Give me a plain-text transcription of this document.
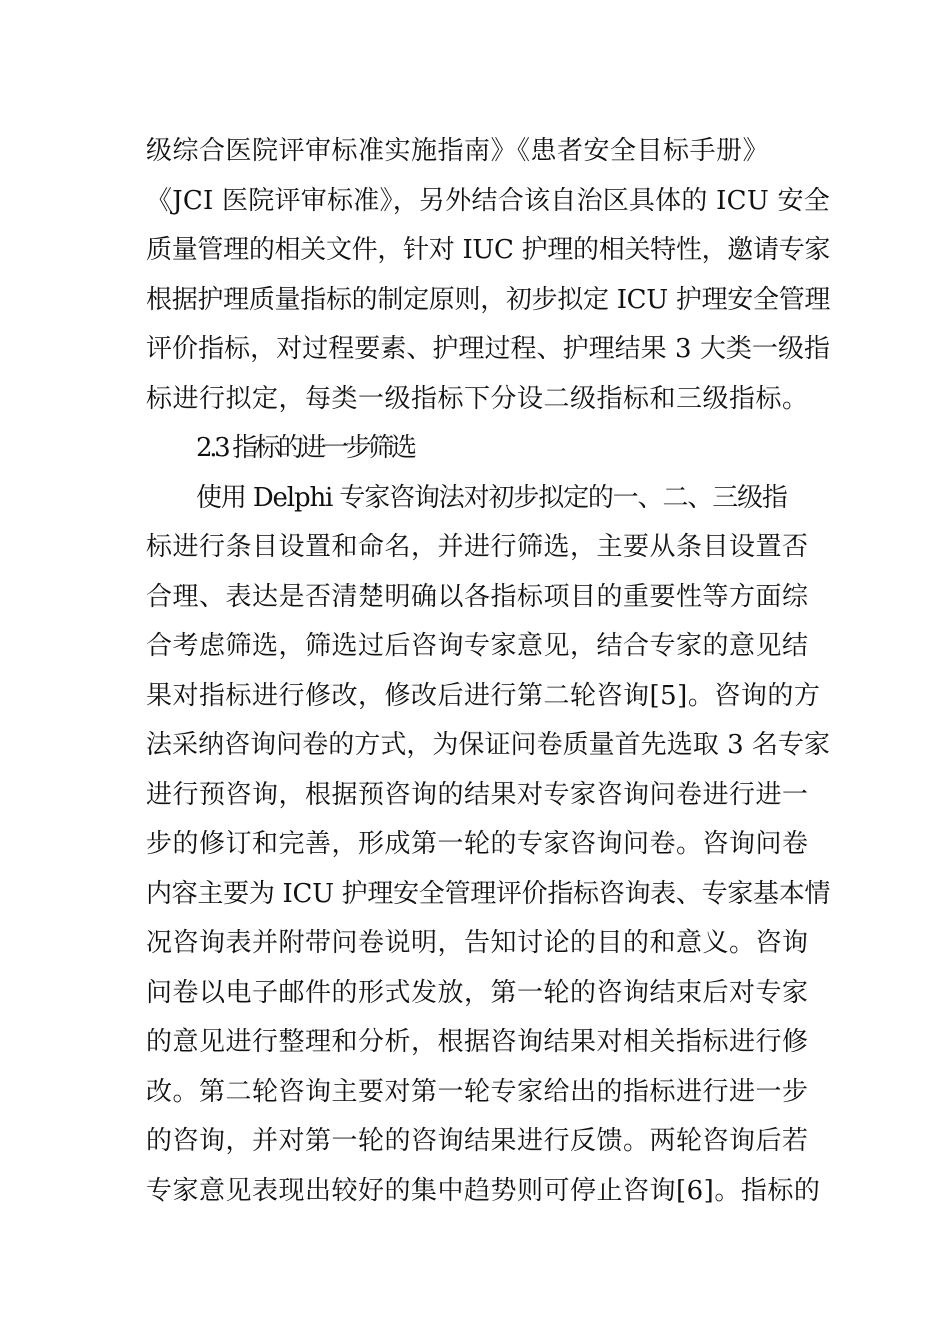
级综合医院评审标准实施指南》《患者安全目标手册》
《JCI 医院评审标准》，另外结合该自治区具体的 ICU 安全
质量管理的相关文件，针对 IUC 护理的相关特性，邀请专家
根据护理质量指标的制定原则，初步拟定 ICU 护理安全管理
评价指标，对过程要素、护理过程、护理结果 3 大类一级指
标进行拟定，每类一级指标下分设二级指标和三级指标。
2.3 指标的进一步筛选
使用 Delphi 专家咨询法对初步拟定的一、二、三级指
标进行条目设置和命名，并进行筛选，主要从条目设置否
合理、表达是否清楚明确以各指标项目的重要性等方面综
合考虑筛选，筛选过后咨询专家意见，结合专家的意见结
果对指标进行修改，修改后进行第二轮咨询[5]。咨询的方
法采纳咨询问卷的方式，为保证问卷质量首先选取 3 名专家
进行预咨询，根据预咨询的结果对专家咨询问卷进行进一
步的修订和完善，形成第一轮的专家咨询问卷。咨询问卷
内容主要为 ICU 护理安全管理评价指标咨询表、专家基本情
况咨询表并附带问卷说明，告知讨论的目的和意义。咨询
问卷以电子邮件的形式发放，第一轮的咨询结束后对专家
的意见进行整理和分析，根据咨询结果对相关指标进行修
改。第二轮咨询主要对第一轮专家给出的指标进行进一步
的咨询，并对第一轮的咨询结果进行反馈。两轮咨询后若
专家意见表现出较好的集中趋势则可停止咨询[6]。指标的
